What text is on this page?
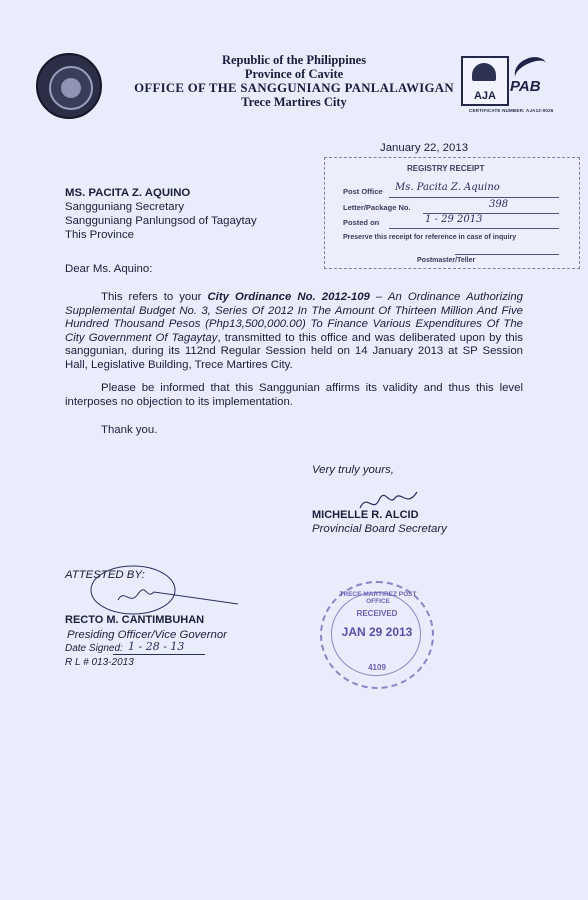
Republic of the Philippines
Province of Cavite
OFFICE OF THE SANGGUNIANG PANLALAWIGAN
Trece Martires City	AJA
PAB
CERTIFICATE NUMBER: AJA12-0026
January 22, 2013
REGISTRY RECEIPT
Post Office Ms. Pacita Z. Aquino
Letter/Package No.	398
Posted on	1 - 29 2013
Preserve this receipt for reference in case of inquiry
Postmaster/Teller
MS. PACITA Z. AQUINO
Sangguniang Secretary
Sangguniang Panlungsod of Tagaytay
This Province
Dear Ms. Aquino:
This refers to your City Ordinance No. 2012-109 – An Ordinance Authorizing Supplemental Budget No. 3, Series Of 2012 In The Amount Of Thirteen Million And Five Hundred Thousand Pesos (Php13,500,000.00) To Finance Various Expenditures Of The City Government Of Tagaytay, transmitted to this office and was deliberated upon by this sanggunian, during its 112nd Regular Session held on 14 January 2013 at SP Session Hall, Legislative Building, Trece Martires City.
Please be informed that this Sanggunian affirms its validity and thus this level interposes no objection to its implementation.
Thank you.
Very truly yours,
MICHELLE R. ALCID
Provincial Board Secretary
ATTESTED BY:
RECTO M. CANTIMBUHAN
Presiding Officer/Vice Governor
Date Signed: 1 - 28 - 13
R L # 013-2013
TRECE MARTIREZ POST OFFICE
RECEIVED
JAN 29 2013
4109
